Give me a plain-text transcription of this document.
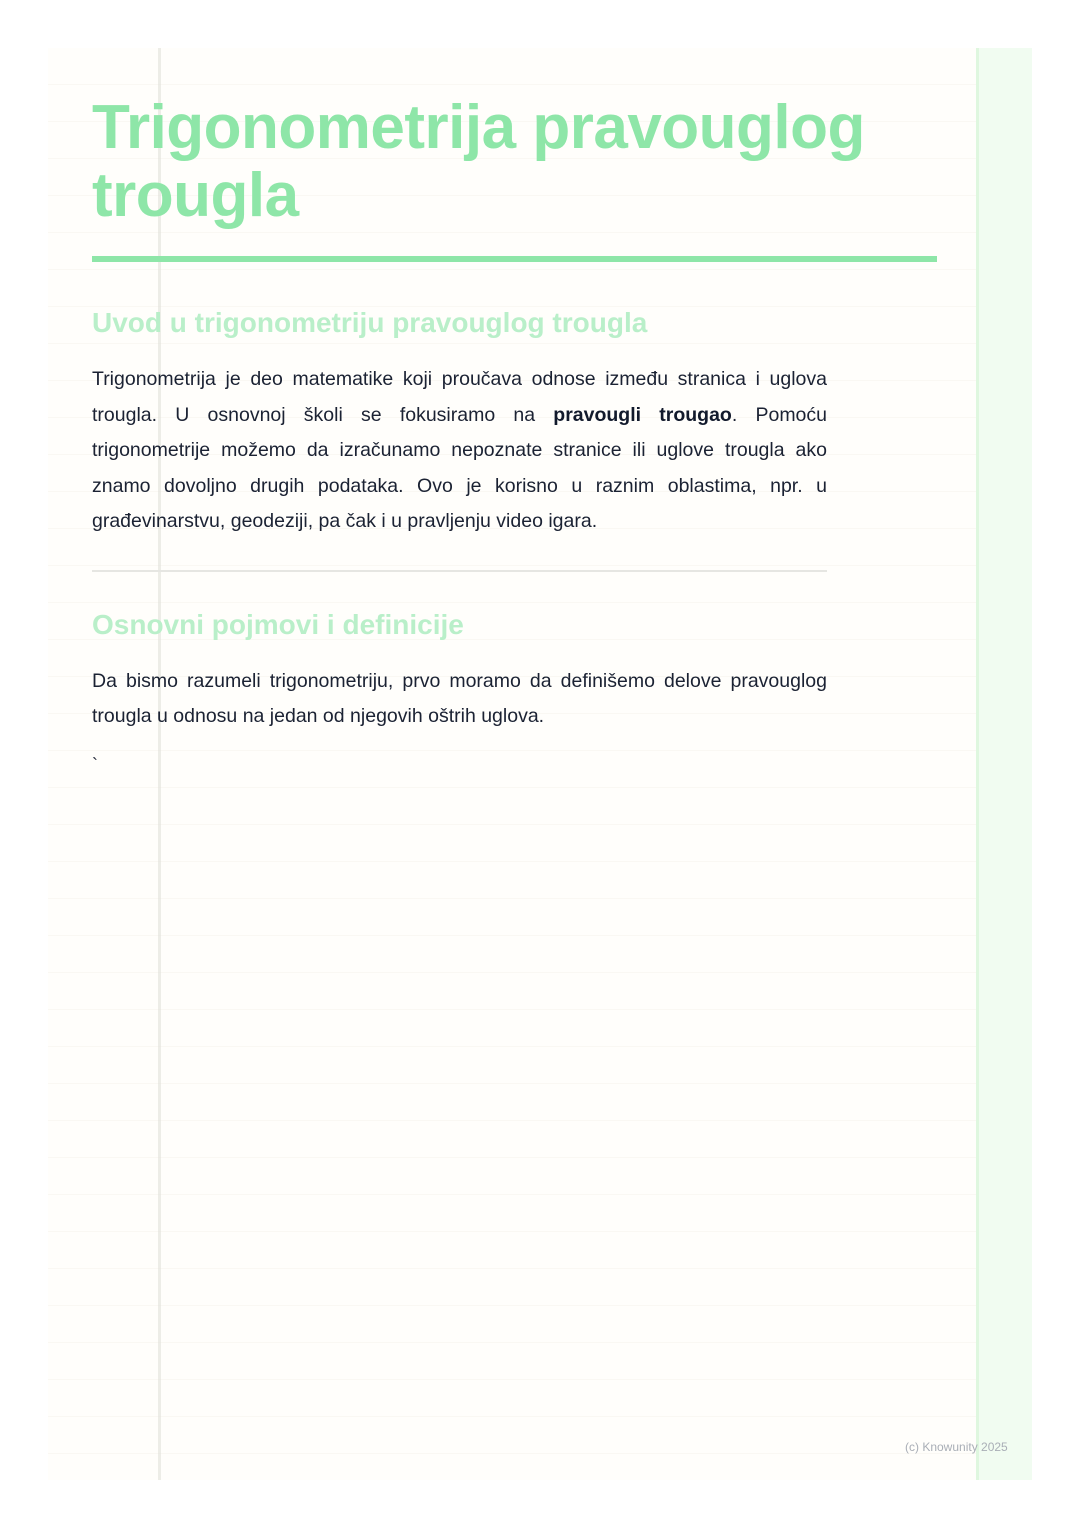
Trigonometrija pravouglog trougla
Uvod u trigonometriju pravouglog trougla

Trigonometrija je deo matematike koji proučava odnose između stranica i uglova trougla. U osnovnoj školi se fokusiramo na pravougli trougao. Pomoću trigonometrije možemo da izračunamo nepoznate stranice ili uglove trougla ako znamo dovoljno drugih podataka. Ovo je korisno u raznim oblastima, npr. u građevinarstvu, geodeziji, pa čak i u pravljenju video igara.

Osnovni pojmovi i definicije

Da bismo razumeli trigonometriju, prvo moramo da definišemo delove pravouglog trougla u odnosu na jedan od njegovih oštrih uglova.

`
(c) Knowunity 2025
